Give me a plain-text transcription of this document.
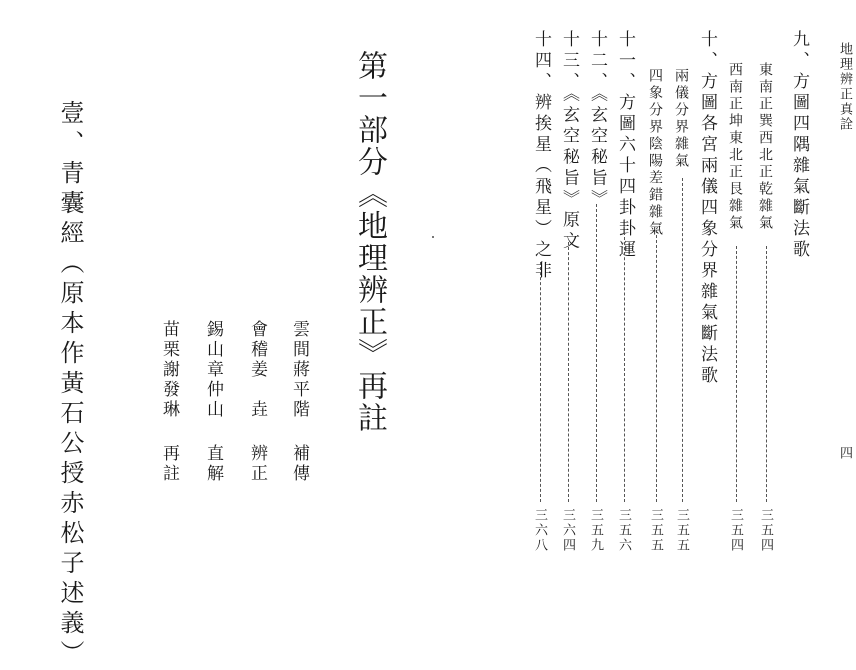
地理辨正真詮
四
九、方圖四隅雜氣斷法歌
東南正巽西北正乾雜氣
三五四
西南正坤東北正艮雜氣
三五四
十、方圖各宮兩儀四象分界雜氣斷法歌
兩儀分界雜氣
三五五
四象分界陰陽差錯雜氣
三五五
十一、方圖六十四卦卦運
三五六
十二、《玄空秘旨》
三五九
十三、《玄空秘旨》原文
三六四
十四、辨挨星（飛星）之非
三六八
第一部分《地理辨正》再註
雲間蔣平階
補傳
會稽姜　垚
辨正
錫山章仲山
直解
苗栗謝發琳
再註
壹、青囊經（原本作黃石公授赤松子述義）
